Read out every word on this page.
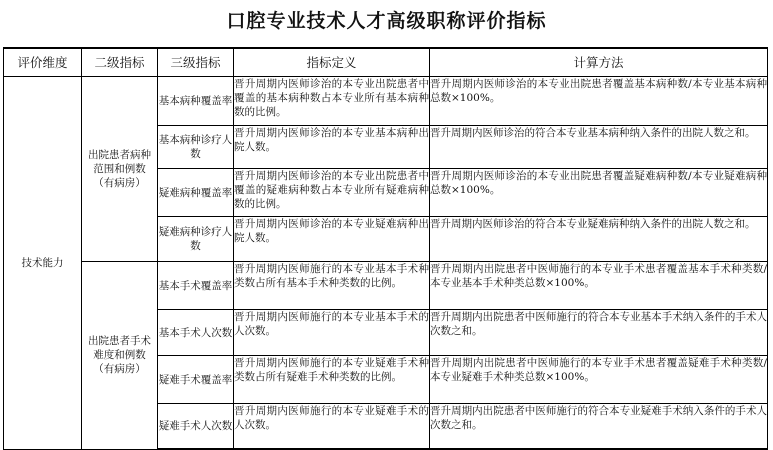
口腔专业技术人才高级职称评价指标
评价维度	二级指标	三级指标	指标定义	计算方法
技术能力	出院患者病种范围和例数（有病房）	基本病种覆盖率	晋升周期内医师诊治的本专业出院患者中覆盖的基本病种数占本专业所有基本病种数的比例。	晋升周期内医师诊治的本专业出院患者覆盖基本病种数/本专业基本病种总数×100%。
		基本病种诊疗人数	晋升周期内医师诊治的本专业基本病种出院人数。	晋升周期内医师诊治的符合本专业基本病种纳入条件的出院人数之和。
		疑难病种覆盖率	晋升周期内医师诊治的本专业出院患者中覆盖的疑难病种数占本专业所有疑难病种数的比例。	晋升周期内医师诊治的本专业出院患者覆盖疑难病种数/本专业疑难病种总数×100%。
		疑难病种诊疗人数	晋升周期内医师诊治的本专业疑难病种出院人数。	晋升周期内医师诊治的符合本专业疑难病种纳入条件的出院人数之和。
	出院患者手术难度和例数（有病房）	基本手术覆盖率	晋升周期内医师施行的本专业基本手术种类数占所有基本手术种类数的比例。	晋升周期内出院患者中医师施行的本专业手术患者覆盖基本手术种类数/本专业基本手术种类总数×100%。
		基本手术人次数	晋升周期内医师施行的本专业基本手术的人次数。	晋升周期内出院患者中医师施行的符合本专业基本手术纳入条件的手术人次数之和。
		疑难手术覆盖率	晋升周期内医师施行的本专业疑难手术种类数占所有疑难手术种类数的比例。	晋升周期内出院患者中医师施行的本专业手术患者覆盖疑难手术种类数/本专业疑难手术种类总数×100%。
		疑难手术人次数	晋升周期内医师施行的本专业疑难手术的人次数。	晋升周期内出院患者中医师施行的符合本专业疑难手术纳入条件的手术人次数之和。
